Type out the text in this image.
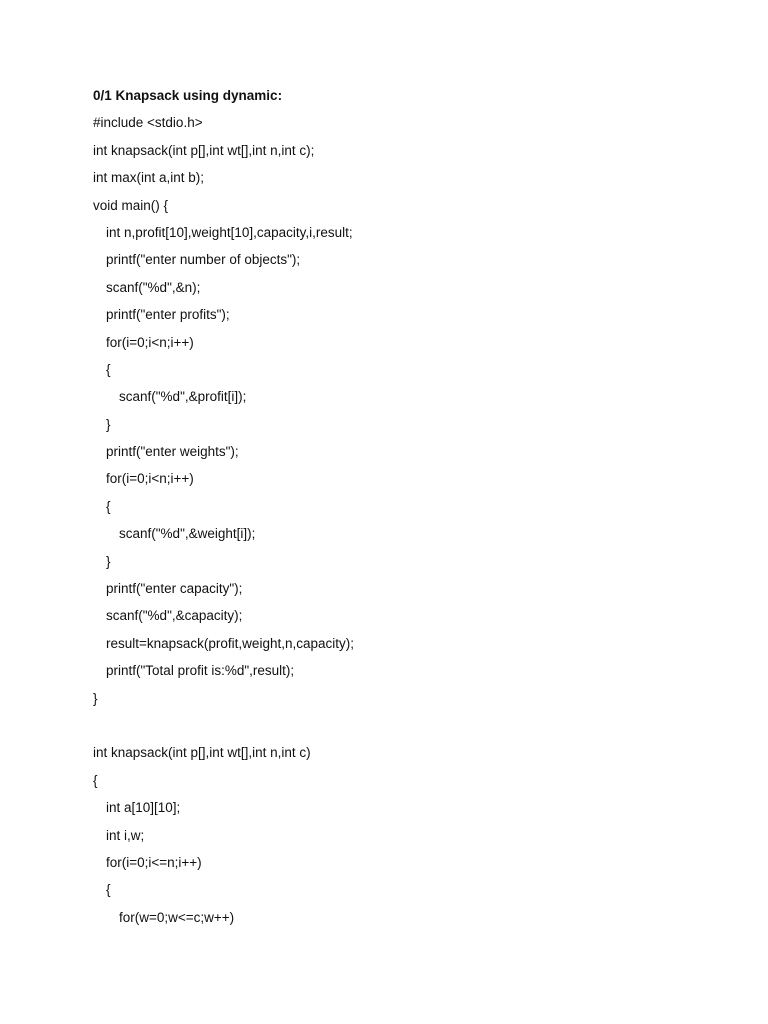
0/1 Knapsack using dynamic:
#include <stdio.h>
int knapsack(int p[],int wt[],int n,int c);
int max(int a,int b);
void main() {
int n,profit[10],weight[10],capacity,i,result;
printf("enter number of objects");
scanf("%d",&n);
printf("enter profits");
for(i=0;i<n;i++)
{
scanf("%d",&profit[i]);
}
printf("enter weights");
for(i=0;i<n;i++)
{
scanf("%d",&weight[i]);
}
printf("enter capacity");
scanf("%d",&capacity);
result=knapsack(profit,weight,n,capacity);
printf("Total profit is:%d",result);
}
int knapsack(int p[],int wt[],int n,int c)
{
int a[10][10];
int i,w;
for(i=0;i<=n;i++)
{
for(w=0;w<=c;w++)
